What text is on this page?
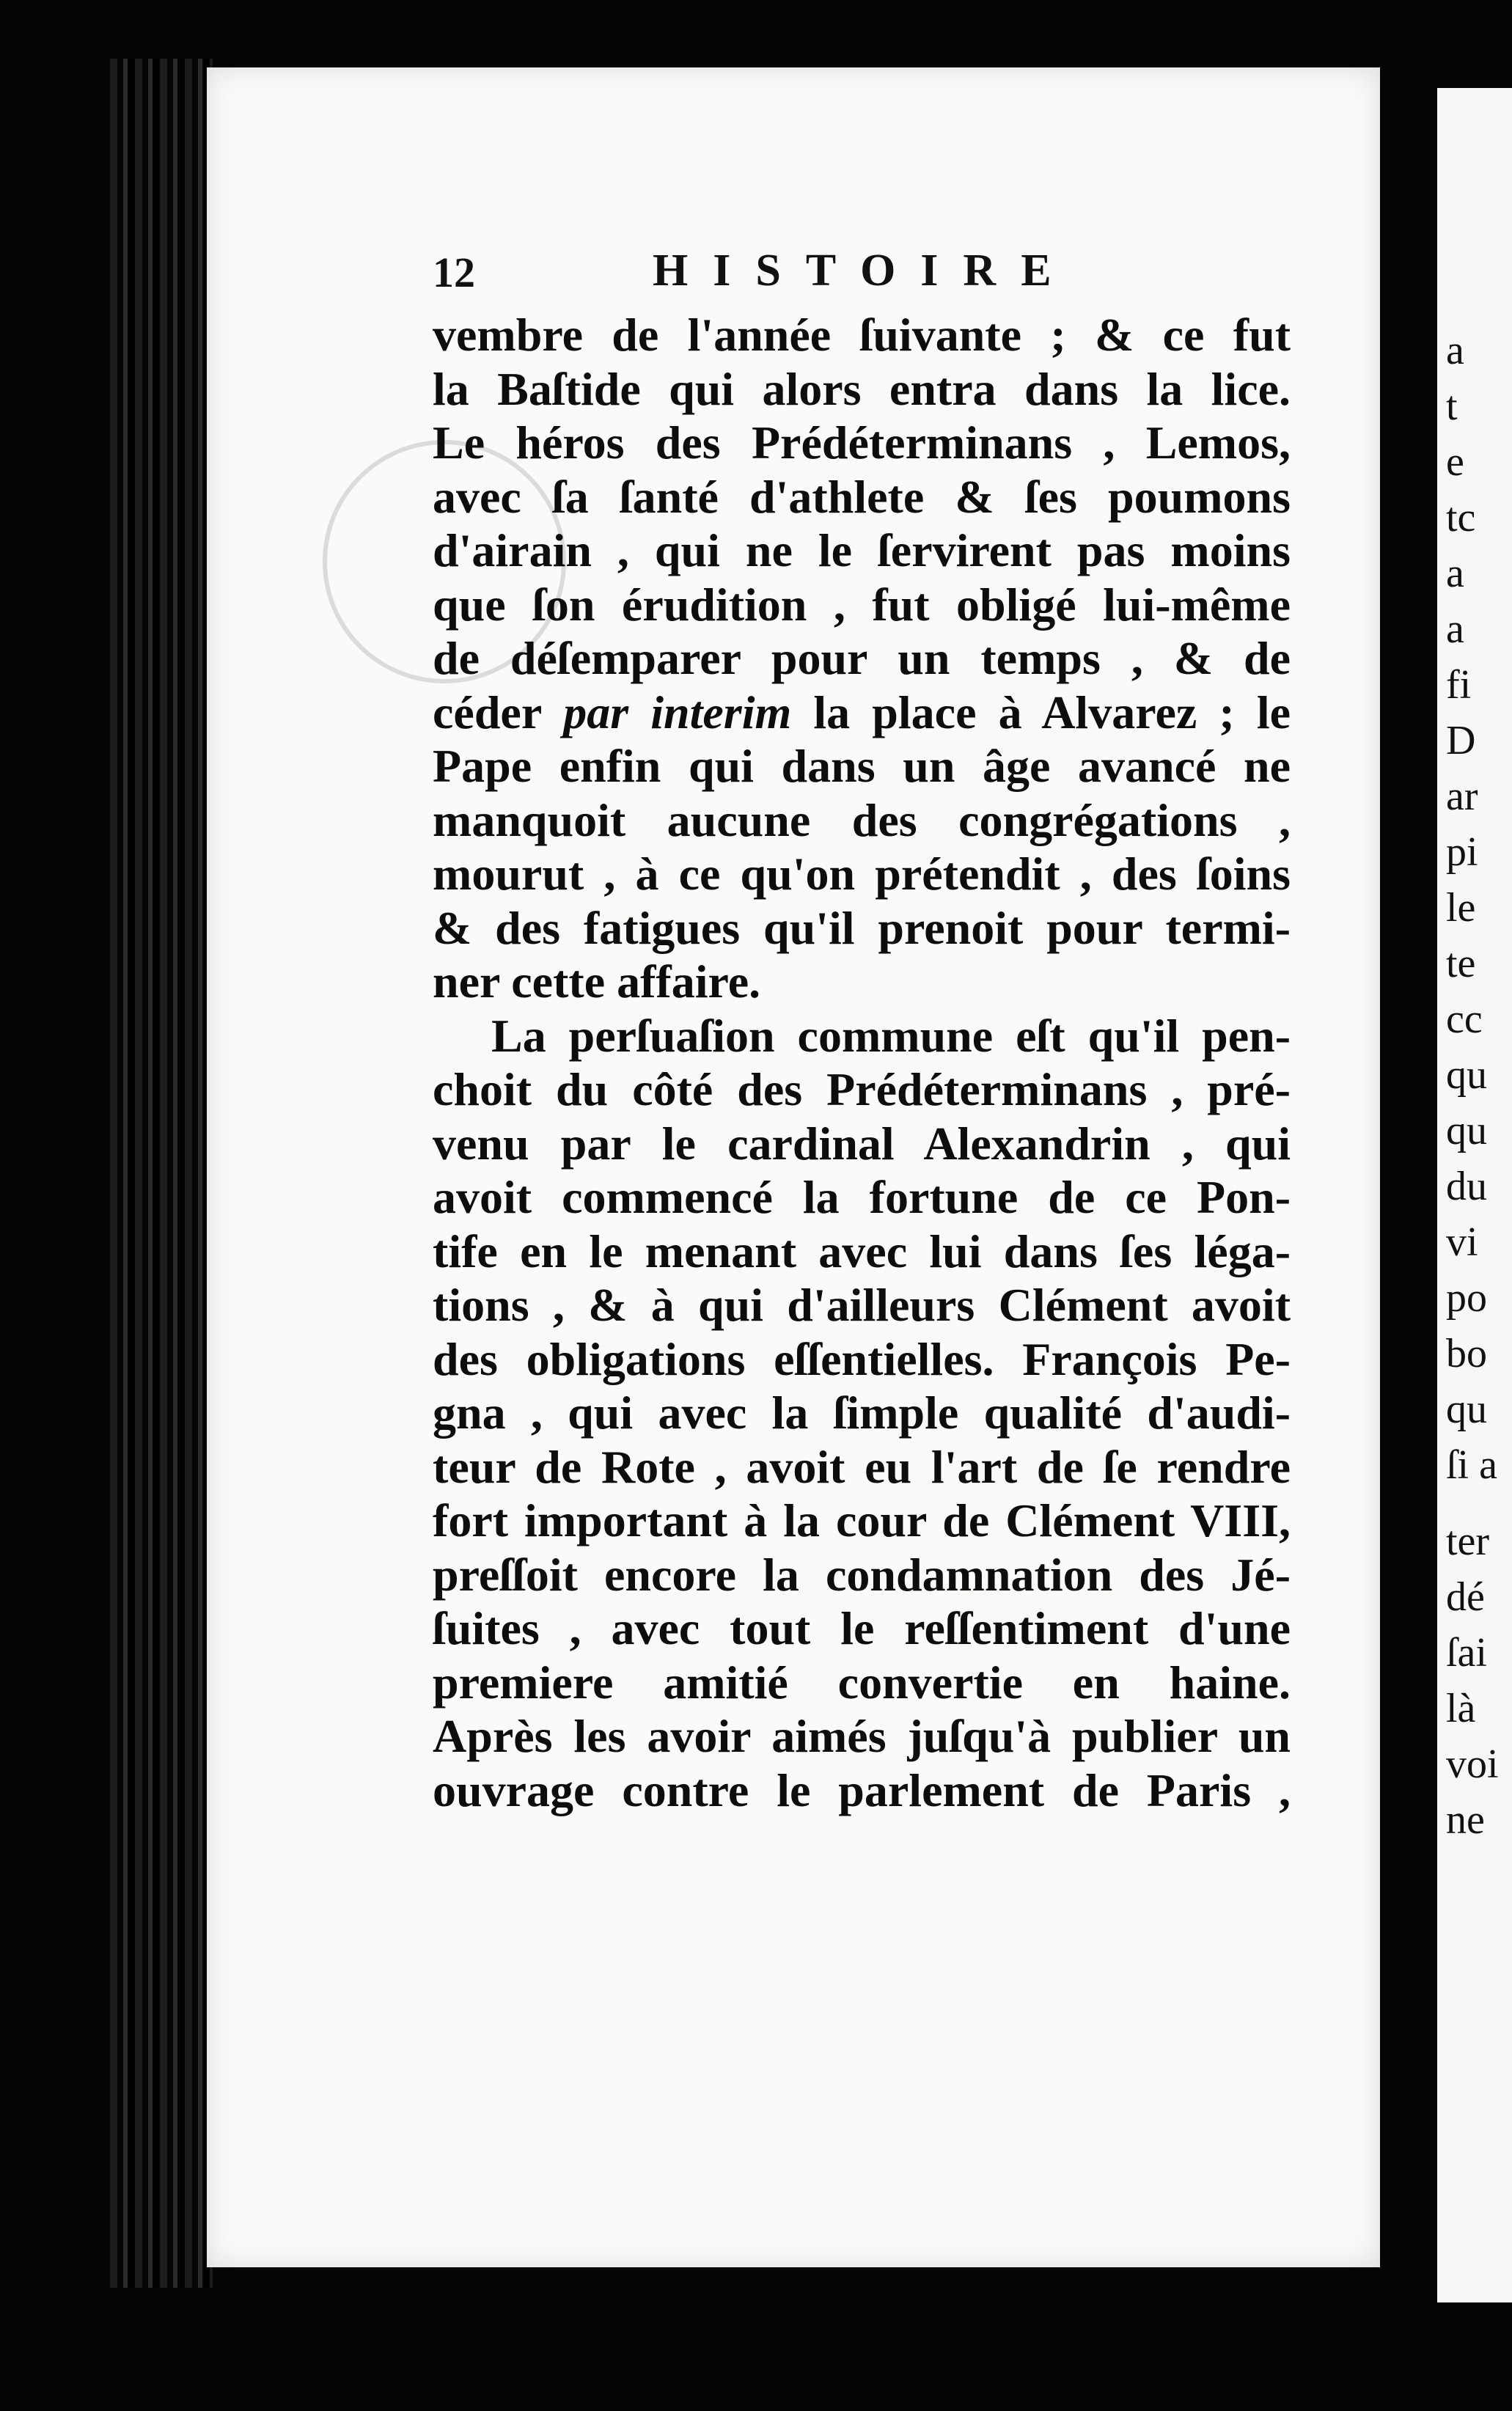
a
t
e
tc
a
a
fi
D
ar
pi
le
te
cc
qu
qu
du
vi
po
bo
qu
ſi a
ter
dé
ſai
là
voi
ne
12	HISTOIRE
vembre de l'année ſuivante ; & ce fut
la Baſtide qui alors entra dans la lice.
Le héros des Prédéterminans , Lemos,
avec ſa ſanté d'athlete & ſes poumons
d'airain , qui ne le ſervirent pas moins
que ſon érudition , fut obligé lui-même
de déſemparer pour un temps , & de
céder par interim la place à Alvarez ; le
Pape enfin qui dans un âge avancé ne
manquoit aucune des congrégations ,
mourut , à ce qu'on prétendit , des ſoins
& des fatigues qu'il prenoit pour termi-
ner cette affaire.
La perſuaſion commune eſt qu'il pen-
choit du côté des Prédéterminans , pré-
venu par le cardinal Alexandrin , qui
avoit commencé la fortune de ce Pon-
tife en le menant avec lui dans ſes léga-
tions , & à qui d'ailleurs Clément avoit
des obligations eſſentielles. François Pe-
gna , qui avec la ſimple qualité d'audi-
teur de Rote , avoit eu l'art de ſe rendre
fort important à la cour de Clément VIII,
preſſoit encore la condamnation des Jé-
ſuites , avec tout le reſſentiment d'une
premiere amitié convertie en haine.
Après les avoir aimés juſqu'à publier un
ouvrage contre le parlement de Paris ,
